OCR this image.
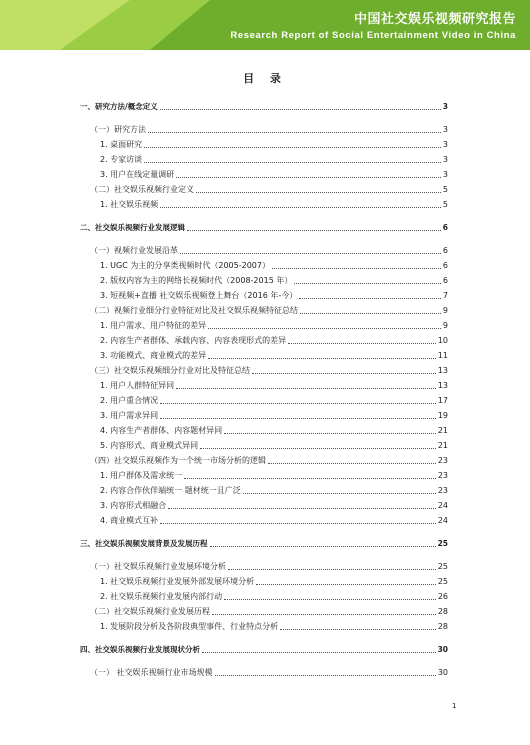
中国社交娱乐视频研究报告
Research Report of Social Entertainment Video in China
目 录
一、研究方法/概念定义	3
（一）研究方法	3
1. 桌面研究	3
2. 专家访谈	3
3. 用户在线定量调研	3
（二）社交娱乐视频行业定义	5
1. 社交娱乐视频	5
二、社交娱乐视频行业发展逻辑	6
（一）视频行业发展沿革	6
1. UGC 为主的分享类视频时代（2005-2007）	6
2. 版权内容为主的网络长视频时代（2008-2015 年）	6
3. 短视频+直播 社交娱乐视频登上舞台（2016 年-今）	7
（二）视频行业细分行业特征对比及社交娱乐视频特征总结	9
1. 用户需求、用户特征的差异	9
2. 内容生产者群体、承载内容、内容表现形式的差异	10
3. 功能模式、商业模式的差异	11
（三）社交娱乐视频细分行业对比及特征总结	13
1. 用户人群特征异同	13
2. 用户重合情况	17
3. 用户需求异同	19
4. 内容生产者群体、内容题材异同	21
5. 内容形式、商业模式异同	21
（四）社交娱乐视频作为一个统一市场分析的逻辑	23
1. 用户群体及需求统一	23
2. 内容合作伙伴端统一 题材统一且广泛	23
3. 内容形式相融合	24
4. 商业模式互补	24
三、社交娱乐视频发展背景及发展历程	25
（一）社交娱乐视频行业发展环境分析	25
1. 社交娱乐视频行业发展外部发展环境分析	25
2. 社交娱乐视频行业发展内部行动	26
（二）社交娱乐视频行业发展历程	28
1. 发展阶段分析及各阶段典型事件、行业特点分析	28
四、社交娱乐视频行业发展现状分析	30
（一） 社交娱乐视频行业市场规模	30
1
